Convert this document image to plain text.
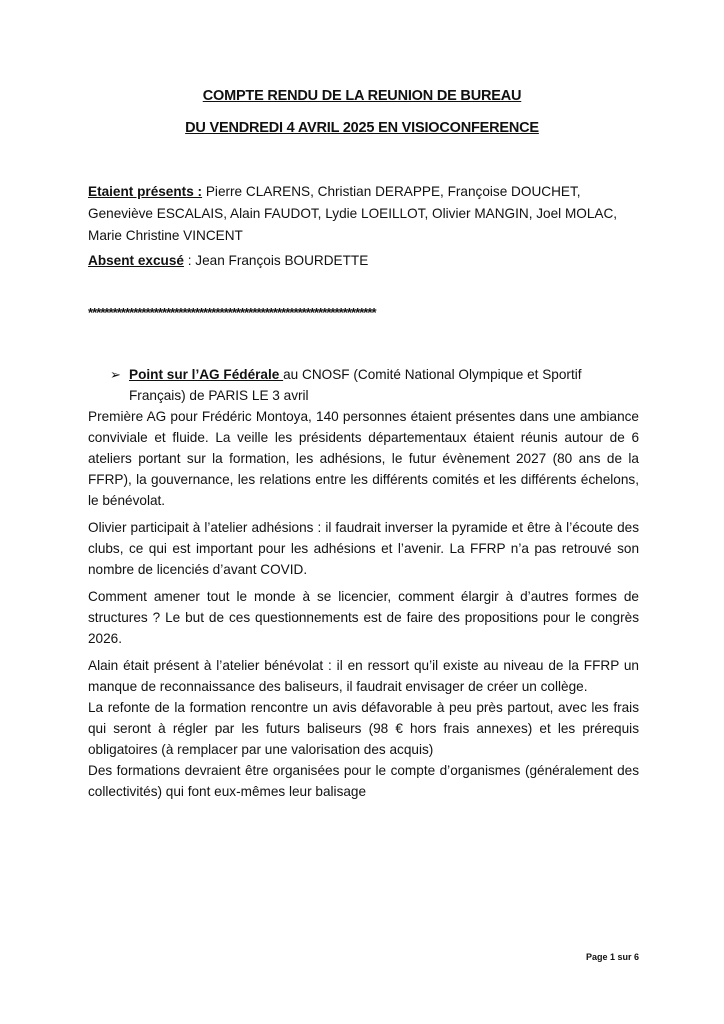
COMPTE RENDU DE LA REUNION DE BUREAU
DU VENDREDI 4 AVRIL 2025 EN VISIOCONFERENCE
Etaient présents : Pierre CLARENS, Christian DERAPPE, Françoise DOUCHET, Geneviève ESCALAIS, Alain FAUDOT, Lydie LOEILLOT, Olivier MANGIN, Joel MOLAC, Marie Christine VINCENT
Absent excusé : Jean François BOURDETTE
**********************************************************************
➢ Point sur l’AG Fédérale au CNOSF (Comité National Olympique et Sportif Français) de PARIS LE 3 avril

Première AG pour Frédéric Montoya, 140 personnes étaient présentes dans une ambiance conviviale et fluide. La veille les présidents départementaux étaient réunis autour de 6 ateliers portant sur la formation, les adhésions, le futur évènement 2027 (80 ans de la FFRP), la gouvernance, les relations entre les différents comités et les différents échelons, le bénévolat.

Olivier participait à l’atelier adhésions : il faudrait inverser la pyramide et être à l’écoute des clubs, ce qui est important pour les adhésions et l’avenir. La FFRP n’a pas retrouvé son nombre de licenciés d’avant COVID.

Comment amener tout le monde à se licencier, comment élargir à d’autres formes de structures ? Le but de ces questionnements est de faire des propositions pour le congrès 2026.

Alain était présent à l’atelier bénévolat : il en ressort qu’il existe au niveau de la FFRP un manque de reconnaissance des baliseurs, il faudrait envisager de créer un collège.
La refonte de la formation rencontre un avis défavorable à peu près partout, avec les frais qui seront à régler par les futurs baliseurs (98 € hors frais annexes) et les prérequis obligatoires (à remplacer par une valorisation des acquis)
Des formations devraient être organisées pour le compte d’organismes (généralement des collectivités) qui font eux-mêmes leur balisage
Page 1 sur 6
